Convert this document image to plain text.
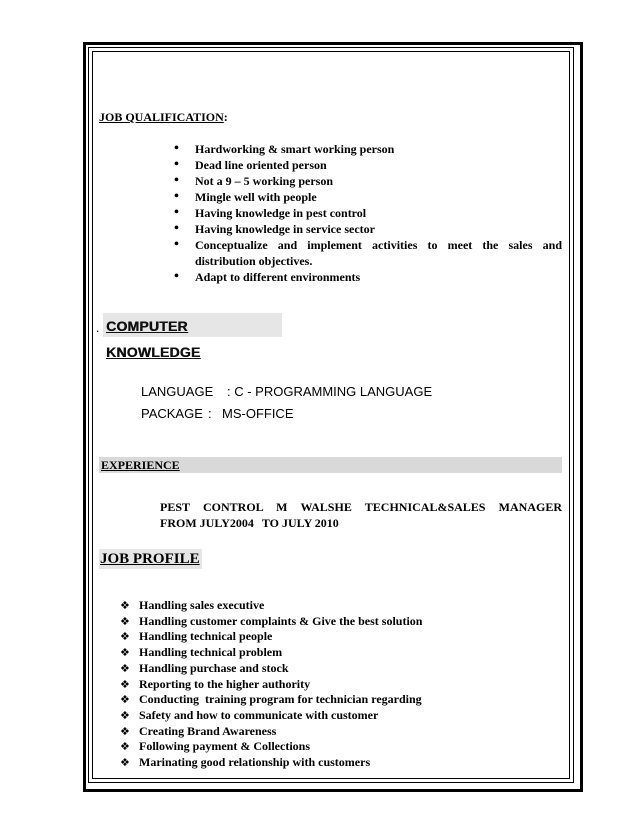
JOB QUALIFICATION:
• Hardworking & smart working person
• Dead line oriented person
• Not a 9 – 5 working person
• Mingle well with people
• Having knowledge in pest control
• Having knowledge in service sector
• Conceptualize and implement activities to meet the sales and
distribution objectives.
• Adapt to different environments
. COMPUTER KNOWLEDGE
LANGUAGE : C - PROGRAMMING LANGUAGE
PACKAGE : MS-OFFICE
EXPERIENCE
PEST CONTROL M WALSHE TECHNICAL&SALES MANAGER
FROM JULY2004 TO JULY 2010
JOB PROFILE
❖ Handling sales executive
❖ Handling customer complaints & Give the best solution
❖ Handling technical people
❖ Handling technical problem
❖ Handling purchase and stock
❖ Reporting to the higher authority
❖ Conducting  training program for technician regarding
❖ Safety and how to communicate with customer
❖ Creating Brand Awareness
❖ Following payment & Collections
❖ Marinating good relationship with customers
